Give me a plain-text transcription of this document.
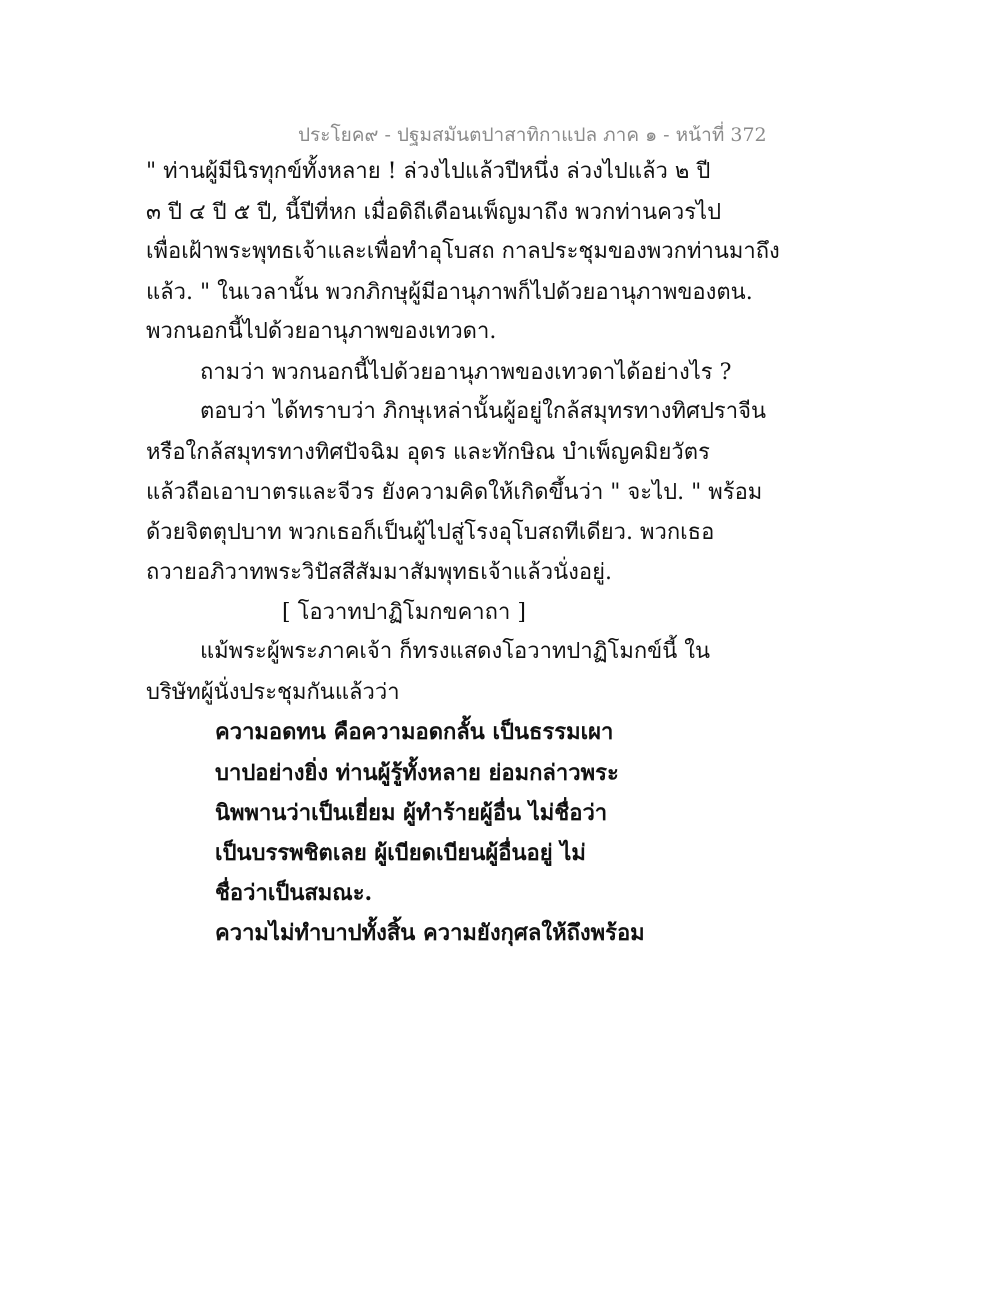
ประโยค๙ - ปฐมสมันตปาสาทิกาแปล ภาค ๑ - หน้าที่ 372
" ท่านผู้มีนิรทุกข์ทั้งหลาย ! ล่วงไปแล้วปีหนึ่ง ล่วงไปแล้ว ๒ ปี
๓ ปี ๔ ปี ๕ ปี, นี้ปีที่หก เมื่อดิถีเดือนเพ็ญมาถึง พวกท่านควรไป
เพื่อเฝ้าพระพุทธเจ้าและเพื่อทำอุโบสถ กาลประชุมของพวกท่านมาถึง
แล้ว. " ในเวลานั้น พวกภิกษุผู้มีอานุภาพก็ไปด้วยอานุภาพของตน.
พวกนอกนี้ไปด้วยอานุภาพของเทวดา.
ถามว่า พวกนอกนี้ไปด้วยอานุภาพของเทวดาได้อย่างไร ?
ตอบว่า ได้ทราบว่า ภิกษุเหล่านั้นผู้อยู่ใกล้สมุทรทางทิศปราจีน
หรือใกล้สมุทรทางทิศปัจฉิม อุดร และทักษิณ บำเพ็ญคมิยวัตร
แล้วถือเอาบาตรและจีวร ยังความคิดให้เกิดขึ้นว่า " จะไป. " พร้อม
ด้วยจิตตุปบาท พวกเธอก็เป็นผู้ไปสู่โรงอุโบสถทีเดียว. พวกเธอ
ถวายอภิวาทพระวิปัสสีสัมมาสัมพุทธเจ้าแล้วนั่งอยู่.
[ โอวาทปาฏิโมกขคาถา ]
แม้พระผู้พระภาคเจ้า ก็ทรงแสดงโอวาทปาฏิโมกข์นี้ ใน
บริษัทผู้นั่งประชุมกันแล้วว่า
ความอดทน คือความอดกลั้น เป็นธรรมเผา
บาปอย่างยิ่ง ท่านผู้รู้ทั้งหลาย ย่อมกล่าวพระ
นิพพานว่าเป็นเยี่ยม ผู้ทำร้ายผู้อื่น ไม่ชื่อว่า
เป็นบรรพชิตเลย ผู้เบียดเบียนผู้อื่นอยู่ ไม่
ชื่อว่าเป็นสมณะ.
ความไม่ทำบาปทั้งสิ้น ความยังกุศลให้ถึงพร้อม
